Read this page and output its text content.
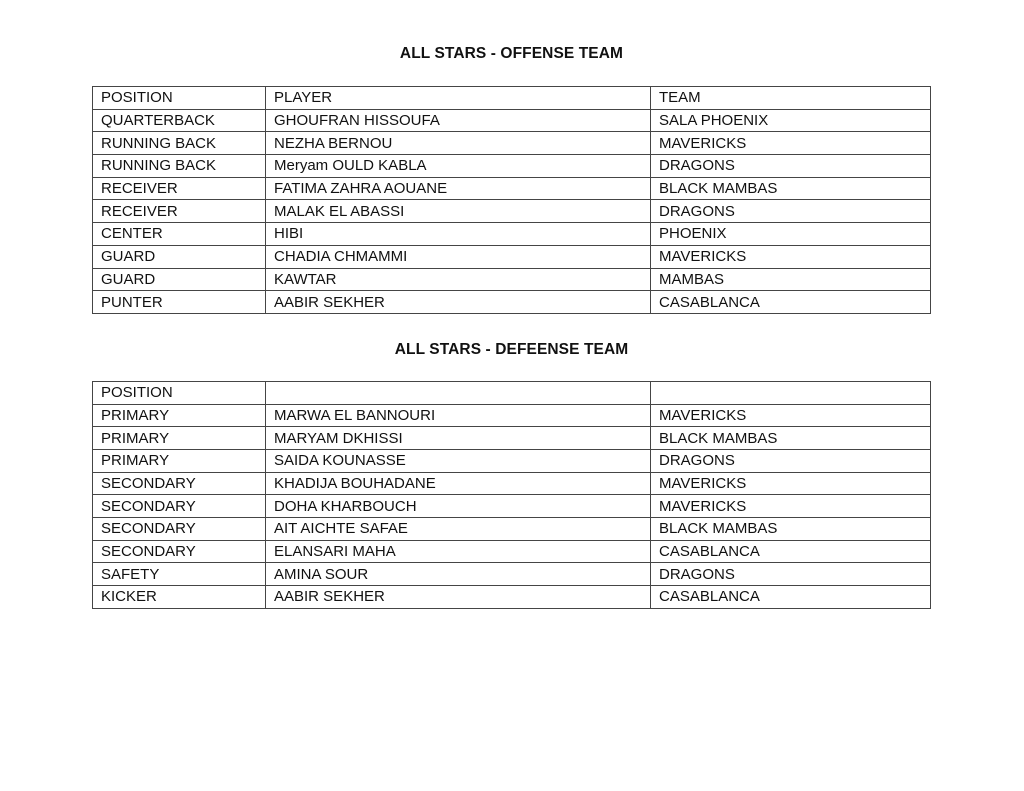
ALL STARS - OFFENSE TEAM
POSITION	PLAYER	TEAM
QUARTERBACK	GHOUFRAN HISSOUFA	SALA PHOENIX
RUNNING BACK	NEZHA BERNOU	MAVERICKS
RUNNING BACK	Meryam OULD KABLA	DRAGONS
RECEIVER	FATIMA ZAHRA AOUANE	BLACK MAMBAS
RECEIVER	MALAK EL ABASSI	DRAGONS
CENTER	HIBI	PHOENIX
GUARD	CHADIA CHMAMMI	MAVERICKS
GUARD	KAWTAR	MAMBAS
PUNTER	AABIR SEKHER	CASABLANCA
ALL STARS - DEFEENSE TEAM
POSITION		
PRIMARY	MARWA EL BANNOURI	MAVERICKS
PRIMARY	MARYAM DKHISSI	BLACK MAMBAS
PRIMARY	SAIDA KOUNASSE	DRAGONS
SECONDARY	KHADIJA BOUHADANE	MAVERICKS
SECONDARY	DOHA KHARBOUCH	MAVERICKS
SECONDARY	AIT AICHTE SAFAE	BLACK MAMBAS
SECONDARY	ELANSARI MAHA	CASABLANCA
SAFETY	AMINA SOUR	DRAGONS
KICKER	AABIR SEKHER	CASABLANCA
